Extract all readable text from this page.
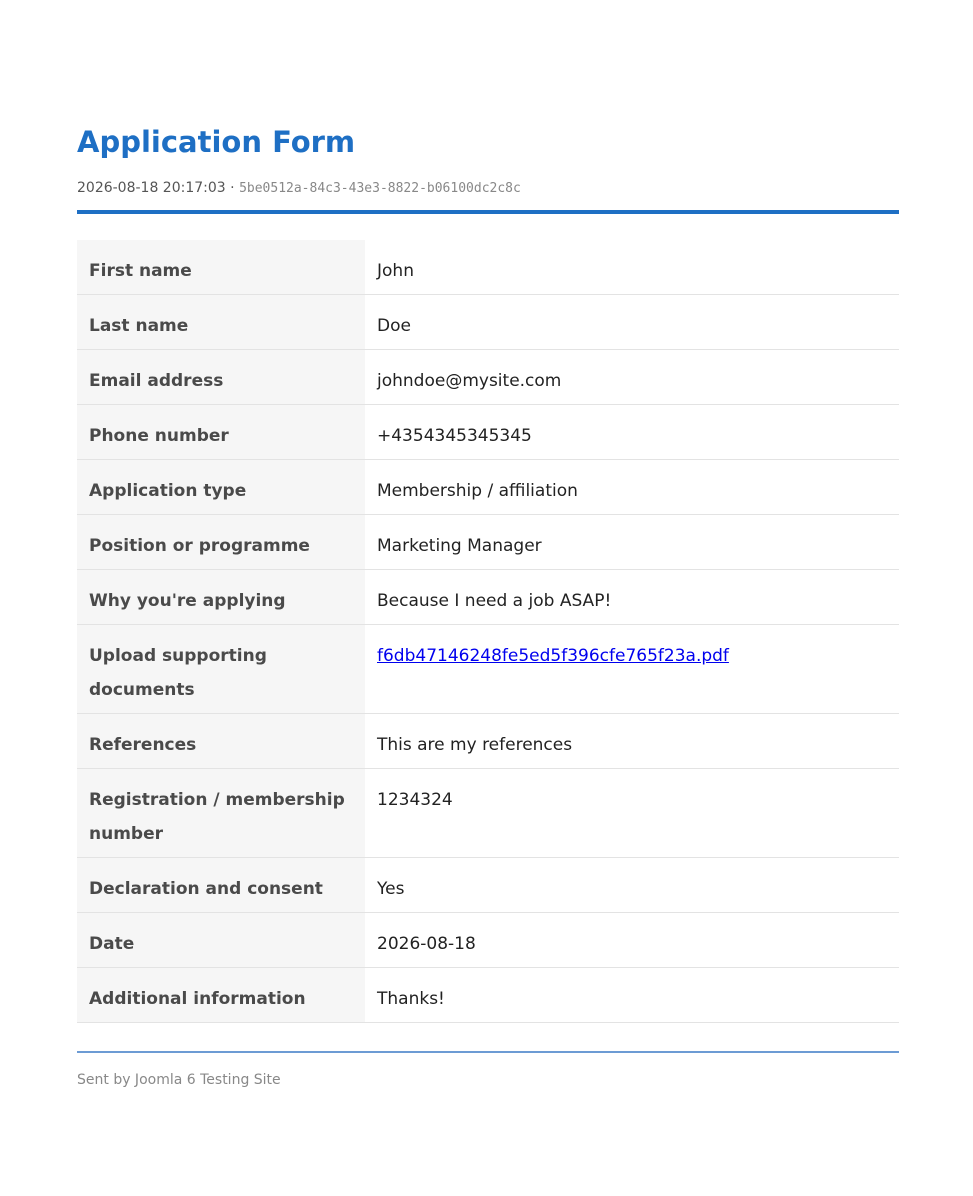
Application Form
2026-08-18 20:17:03 · 5be0512a-84c3-43e3-8822-b06100dc2c8c
First name	John
Last name	Doe
Email address	johndoe@mysite.com
Phone number	+4354345345345
Application type	Membership / affiliation
Position or programme	Marketing Manager
Why you're applying	Because I need a job ASAP!
Upload supporting documents	f6db47146248fe5ed5f396cfe765f23a.pdf
References	This are my references
Registration / membership number	1234324
Declaration and consent	Yes
Date	2026-08-18
Additional information	Thanks!
Sent by Joomla 6 Testing Site
